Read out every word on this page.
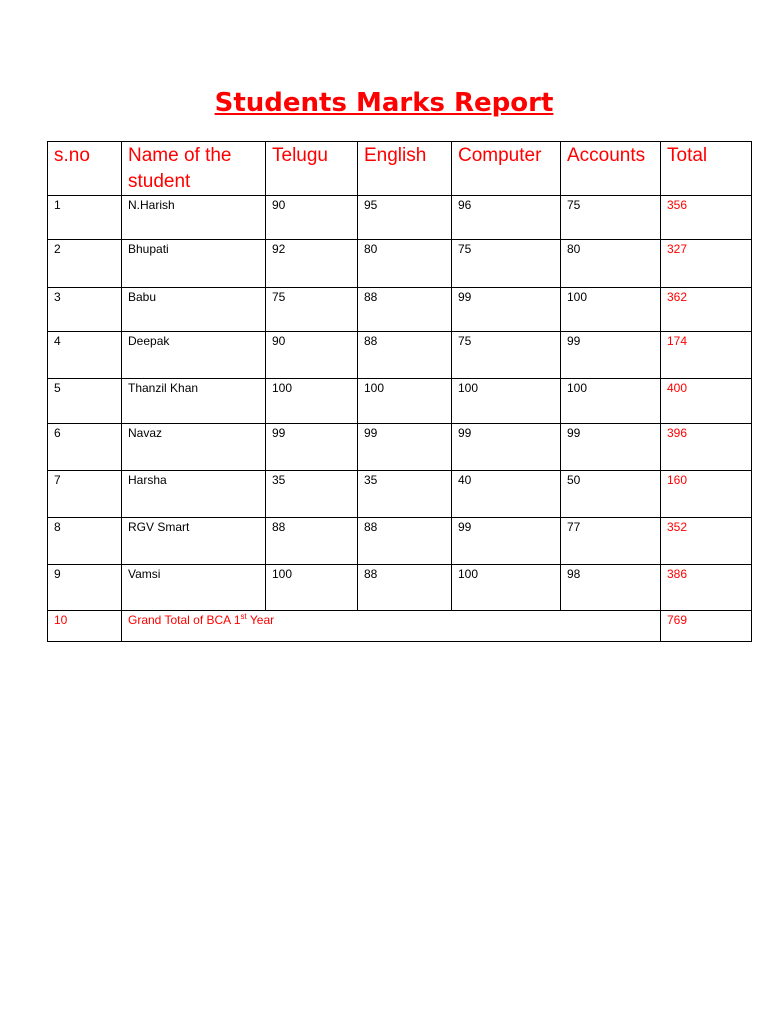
Students Marks Report
s.no	Name of the student	Telugu	English	Computer	Accounts	Total
1	N.Harish	90	95	96	75	356
2	Bhupati	92	80	75	80	327
3	Babu	75	88	99	100	362
4	Deepak	90	88	75	99	174
5	Thanzil Khan	100	100	100	100	400
6	Navaz	99	99	99	99	396
7	Harsha	35	35	40	50	160
8	RGV Smart	88	88	99	77	352
9	Vamsi	100	88	100	98	386
10	Grand Total of BCA 1st Year					769
